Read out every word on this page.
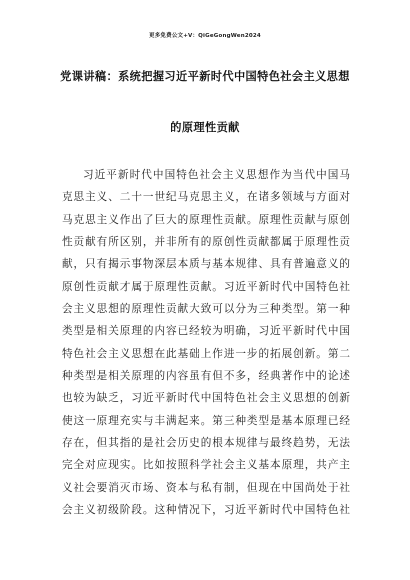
更多免费公文+V：QiGeGongWen2024
党课讲稿：系统把握习近平新时代中国特色社会主义思想
的原理性贡献
习近平新时代中国特色社会主义思想作为当代中国马
克思主义、二十一世纪马克思主义，在诸多领域与方面对
马克思主义作出了巨大的原理性贡献。原理性贡献与原创
性贡献有所区别，并非所有的原创性贡献都属于原理性贡
献，只有揭示事物深层本质与基本规律、具有普遍意义的
原创性贡献才属于原理性贡献。习近平新时代中国特色社
会主义思想的原理性贡献大致可以分为三种类型。第一种
类型是相关原理的内容已经较为明确，习近平新时代中国
特色社会主义思想在此基础上作进一步的拓展创新。第二
种类型是相关原理的内容虽有但不多，经典著作中的论述
也较为缺乏，习近平新时代中国特色社会主义思想的创新
使这一原理充实与丰满起来。第三种类型是基本原理已经
存在，但其指的是社会历史的根本规律与最终趋势，无法
完全对应现实。比如按照科学社会主义基本原理，共产主
义社会要消灭市场、资本与私有制，但现在中国尚处于社
会主义初级阶段。这种情况下，习近平新时代中国特色社
